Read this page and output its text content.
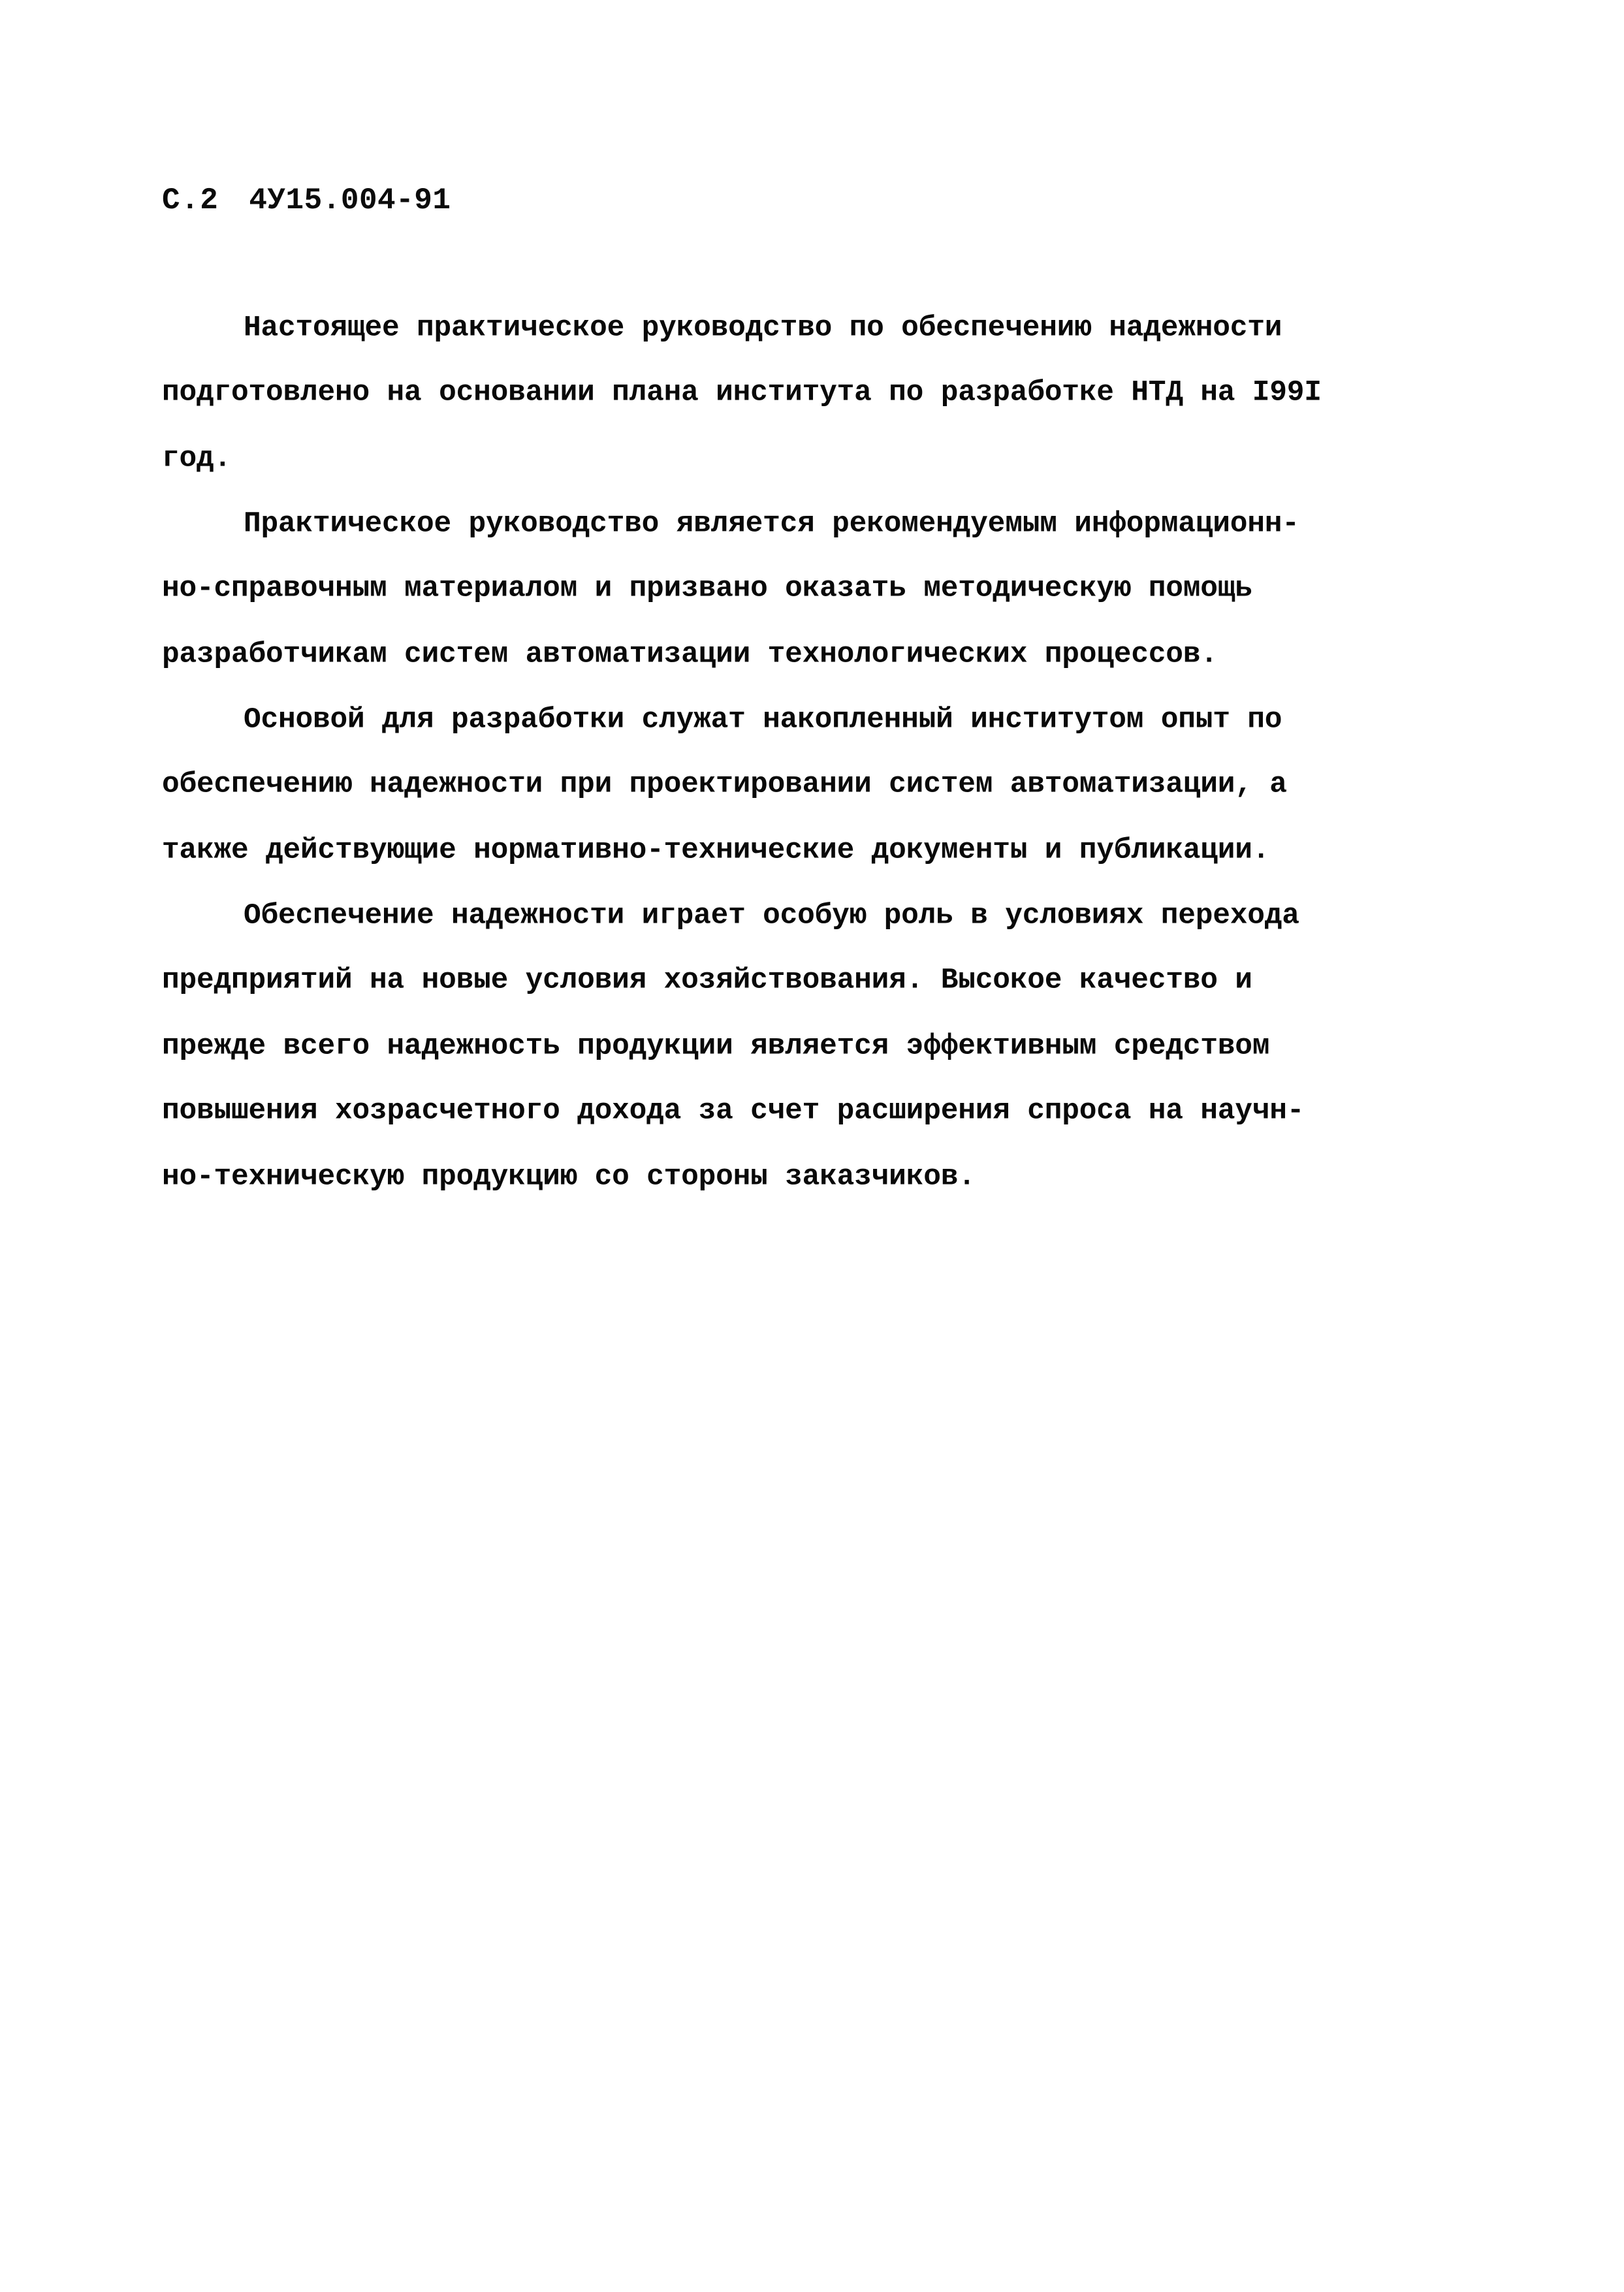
С.2 4У15.004-91
Настоящее практическое руководство по обеспечению надежности
подготовлено на основании плана института по разработке НТД на I99I
год.
Практическое руководство является рекомендуемым информационн-
но-справочным материалом и призвано оказать методическую помощь
разработчикам систем автоматизации технологических процессов.
Основой для разработки служат накопленный институтом опыт по
обеспечению надежности при проектировании систем автоматизации, а
также действующие нормативно-технические документы и публикации.
Обеспечение надежности играет особую роль в условиях перехода
предприятий на новые условия хозяйствования. Высокое качество и
прежде всего надежность продукции является эффективным средством
повышения хозрасчетного дохода за счет расширения спроса на научн-
но-техническую продукцию со стороны заказчиков.
